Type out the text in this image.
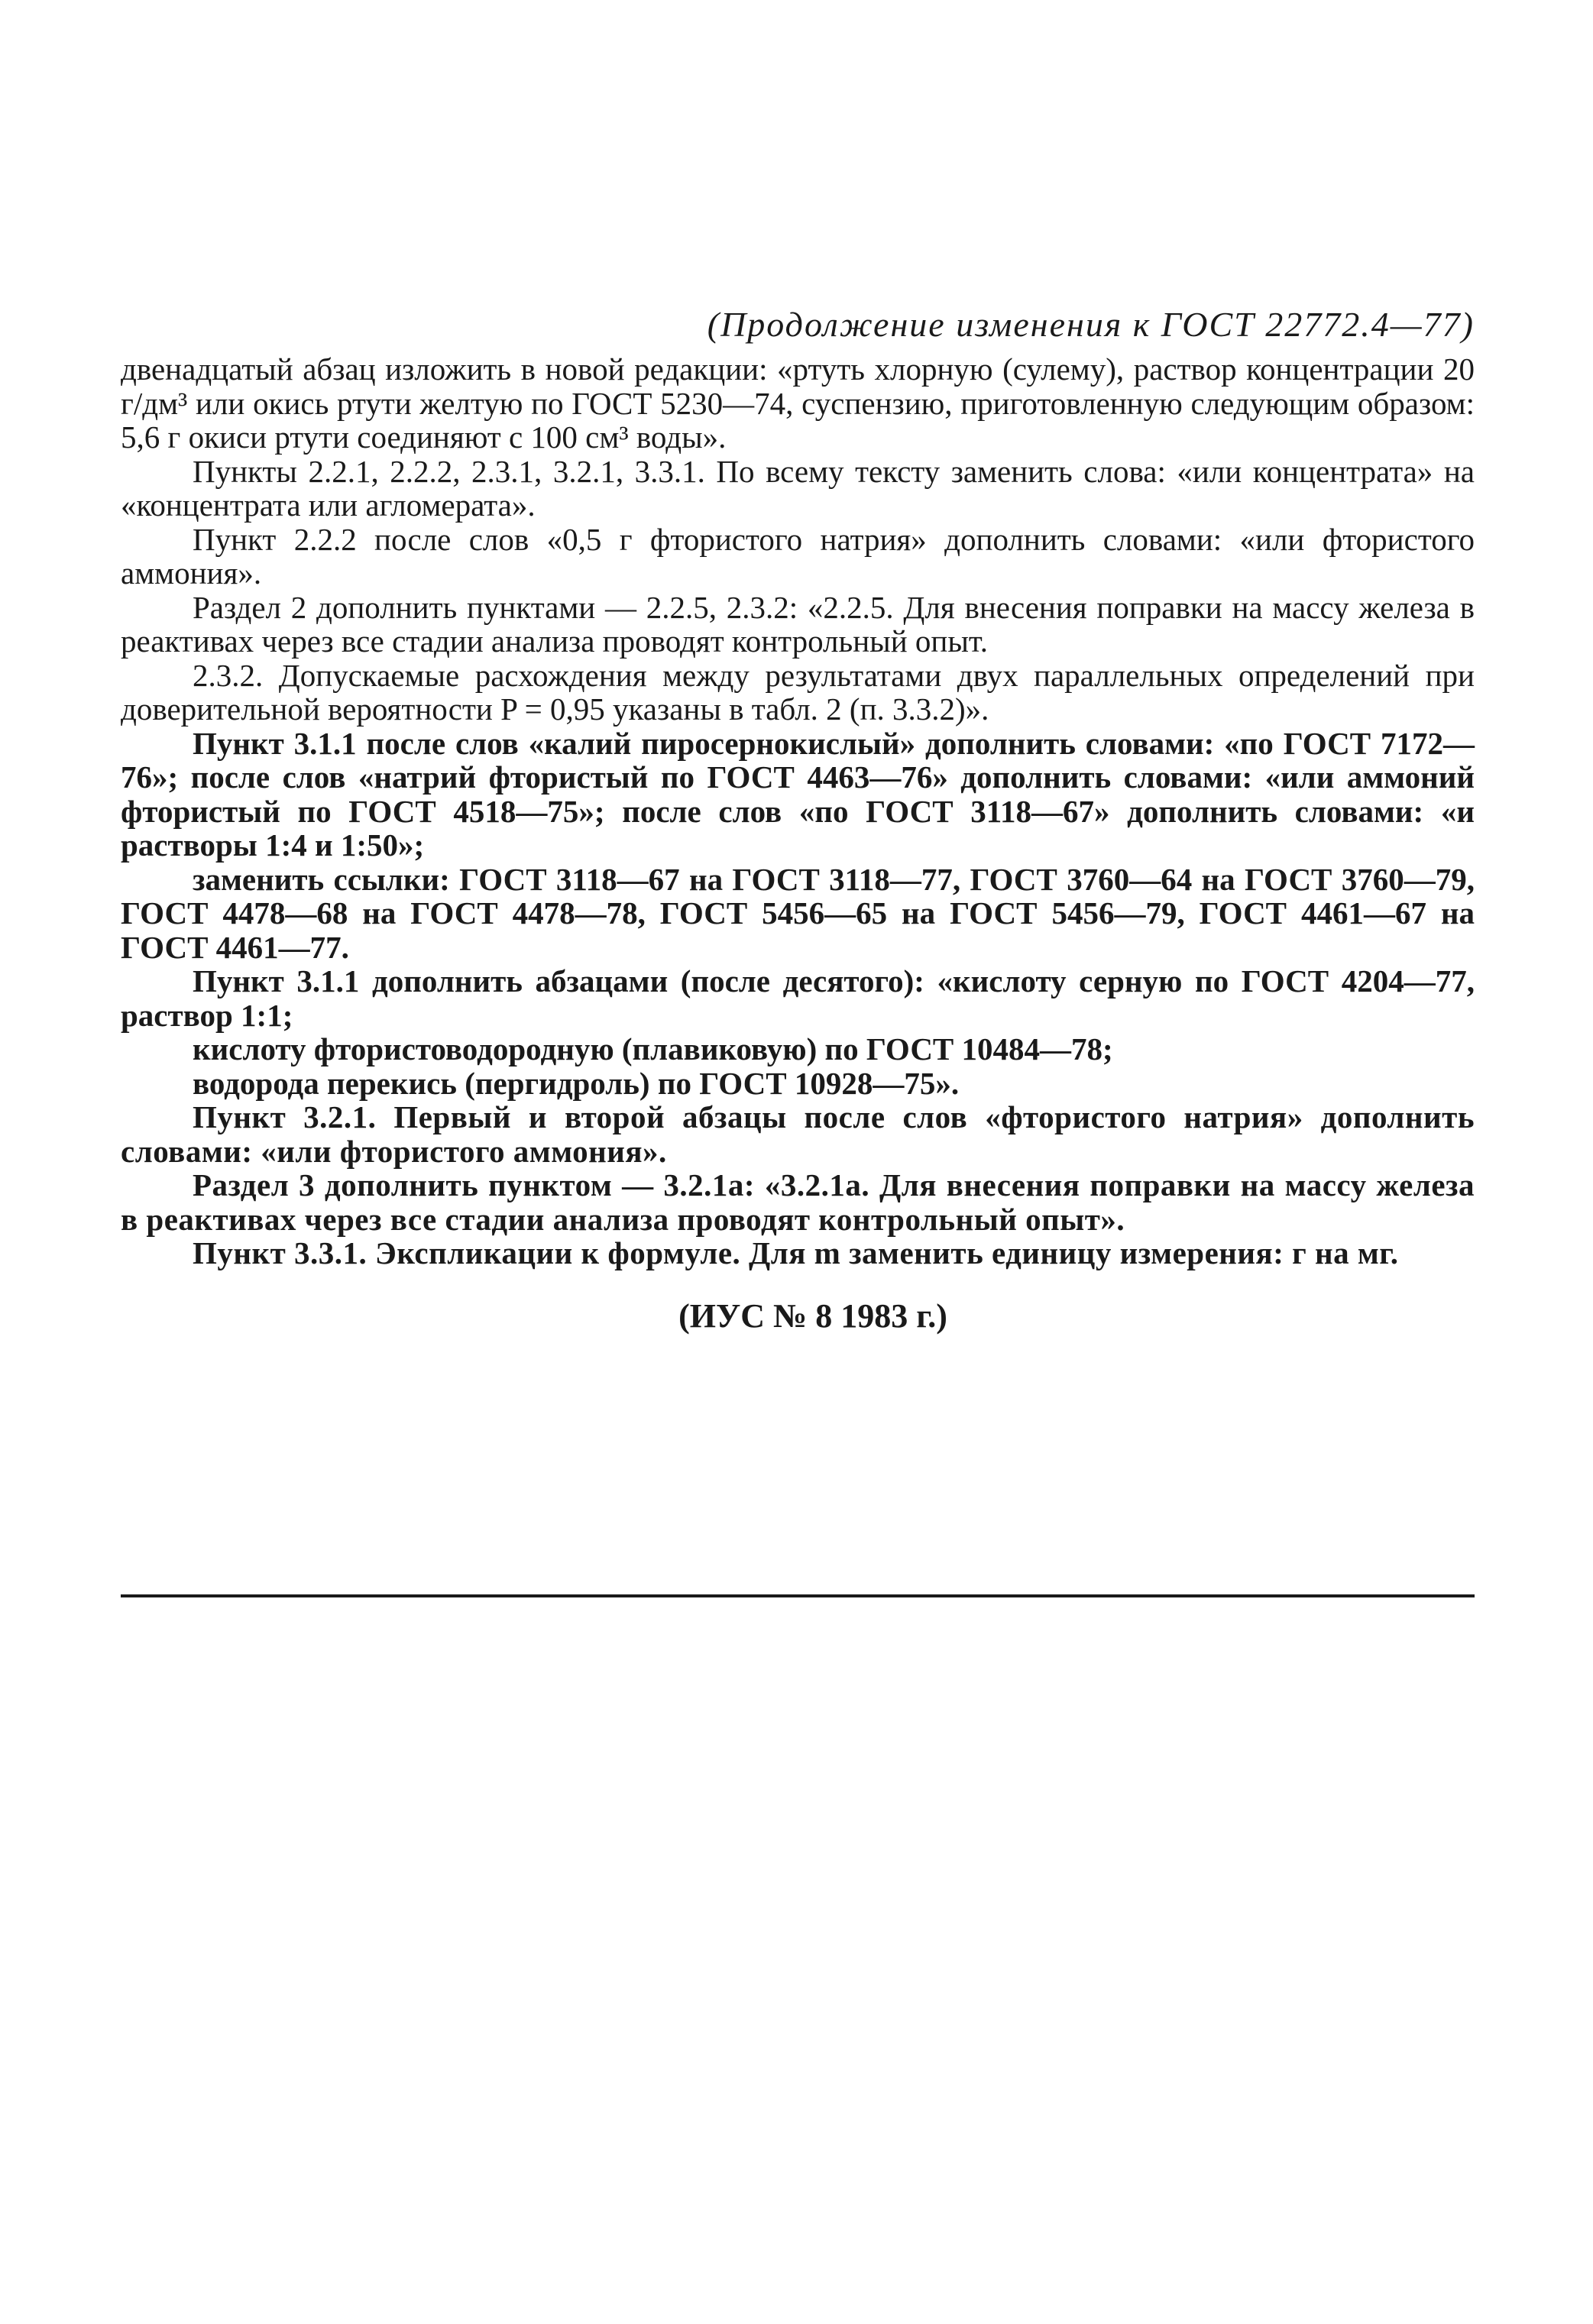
(Продолжение изменения к ГОСТ 22772.4—77)

двенадцатый абзац изложить в новой редакции: «ртуть хлорную (сулему), раствор концентрации 20 г/дм³ или окись ртути желтую по ГОСТ 5230—74, суспензию, приготовленную следующим образом: 5,6 г окиси ртути соединяют с 100 см³ воды».

Пункты 2.2.1, 2.2.2, 2.3.1, 3.2.1, 3.3.1. По всему тексту заменить слова: «или концентрата» на «концентрата или агломерата».

Пункт 2.2.2 после слов «0,5 г фтористого натрия» дополнить словами: «или фтористого аммония».

Раздел 2 дополнить пунктами — 2.2.5, 2.3.2: «2.2.5. Для внесения поправки на массу железа в реактивах через все стадии анализа проводят контрольный опыт.

2.3.2. Допускаемые расхождения между результатами двух параллельных определений при доверительной вероятности P = 0,95 указаны в табл. 2 (п. 3.3.2)».

Пункт 3.1.1 после слов «калий пиросернокислый» дополнить словами: «по ГОСТ 7172—76»; после слов «натрий фтористый по ГОСТ 4463—76» дополнить словами: «или аммоний фтористый по ГОСТ 4518—75»; после слов «по ГОСТ 3118—67» дополнить словами: «и растворы 1:4 и 1:50»;

заменить ссылки: ГОСТ 3118—67 на ГОСТ 3118—77, ГОСТ 3760—64 на ГОСТ 3760—79, ГОСТ 4478—68 на ГОСТ 4478—78, ГОСТ 5456—65 на ГОСТ 5456—79, ГОСТ 4461—67 на ГОСТ 4461—77.

Пункт 3.1.1 дополнить абзацами (после десятого): «кислоту серную по ГОСТ 4204—77, раствор 1:1;

кислоту фтористоводородную (плавиковую) по ГОСТ 10484—78;

водорода перекись (пергидроль) по ГОСТ 10928—75».

Пункт 3.2.1. Первый и второй абзацы после слов «фтористого натрия» дополнить словами: «или фтористого аммония».

Раздел 3 дополнить пунктом — 3.2.1а: «3.2.1а. Для внесения поправки на массу железа в реактивах через все стадии анализа проводят контрольный опыт».

Пункт 3.3.1. Экспликации к формуле. Для m заменить единицу измерения: г на мг.

(ИУС № 8 1983 г.)
